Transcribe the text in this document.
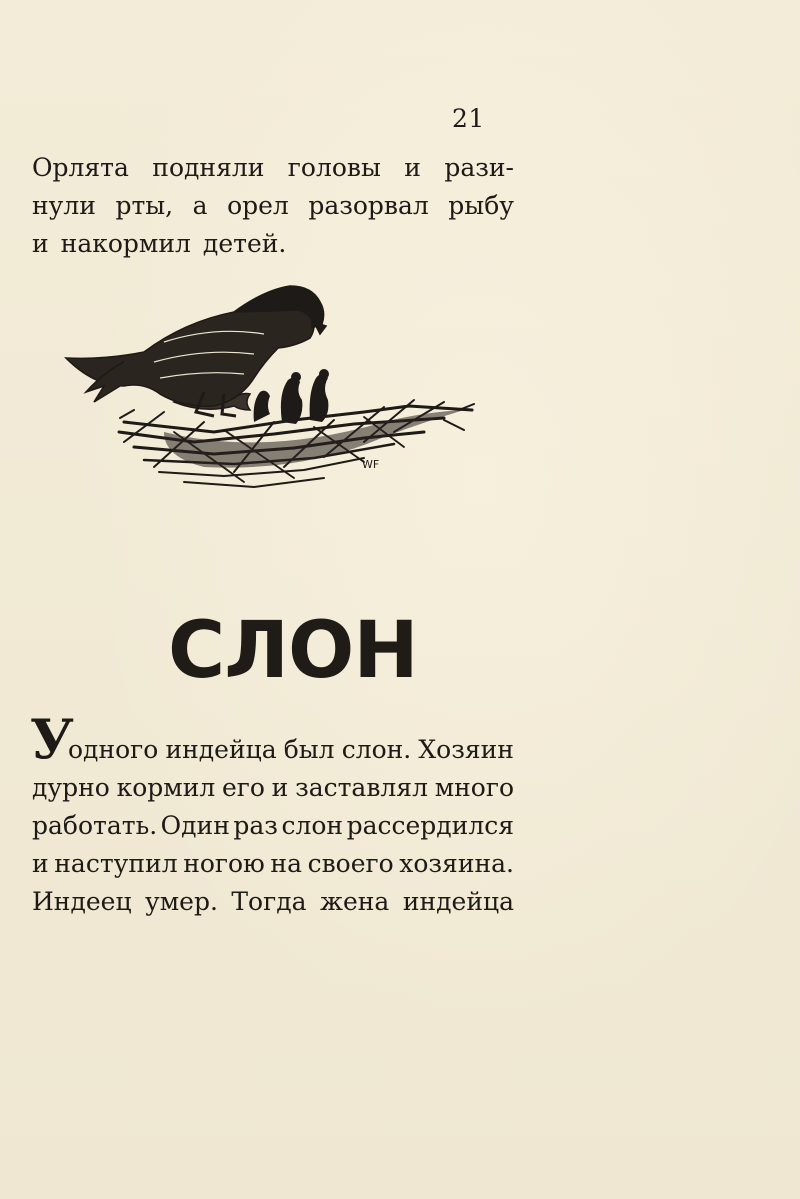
21
Орлята подняли головы и рази-
нули рты, а орел разорвал рыбу
и накормил детей.
WF
СЛОН
У
одного индейца был слон. Хозяин
дурно кормил его и заставлял много
работать. Один раз слон рассердился
и наступил ногою на своего хозяина.
Индеец умер. Тогда жена индейца
